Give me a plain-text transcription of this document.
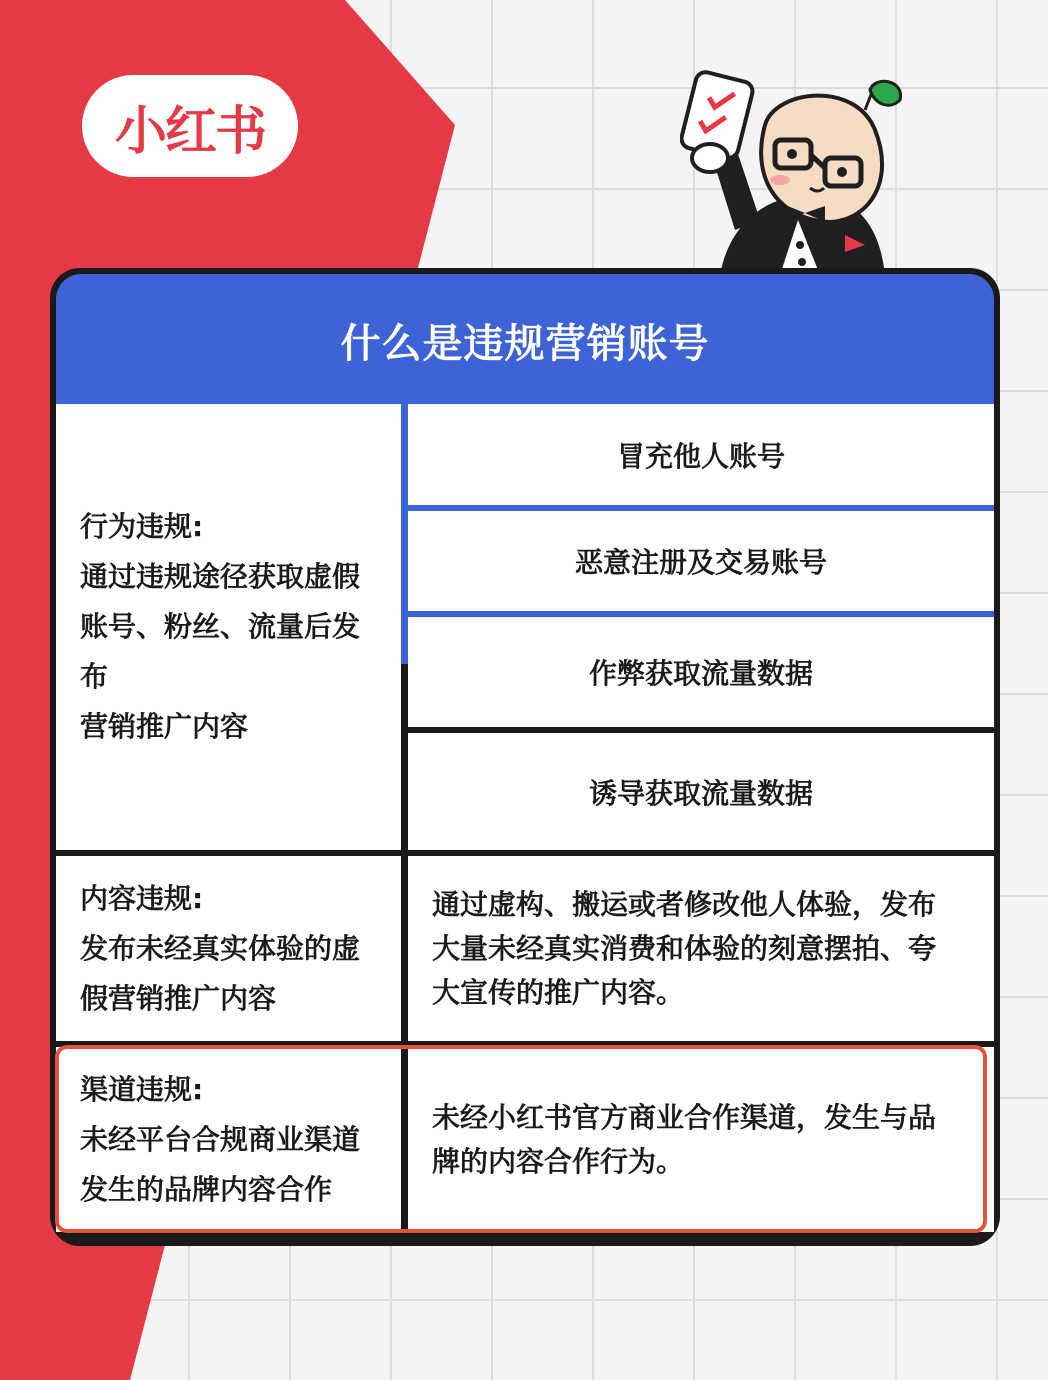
小红书
什么是违规营销账号
行为违规:
通过违规途径获取虚假
账号、粉丝、流量后发布
营销推广内容
冒充他人账号
恶意注册及交易账号
作弊获取流量数据
诱导获取流量数据
内容违规:
发布未经真实体验的虚
假营销推广内容
通过虚构、搬运或者修改他人体验，发布
大量未经真实消费和体验的刻意摆拍、夸
大宣传的推广内容。
渠道违规:
未经平台合规商业渠道
发生的品牌内容合作
未经小红书官方商业合作渠道，发生与品
牌的内容合作行为。
